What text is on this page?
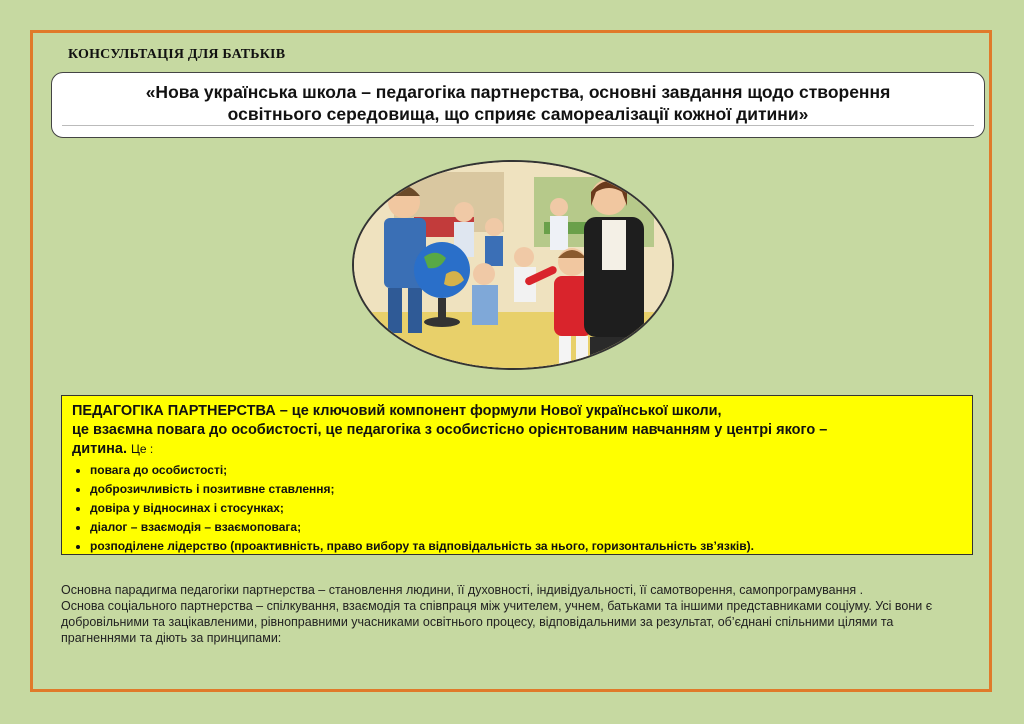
КОНСУЛЬТАЦІЯ ДЛЯ БАТЬКІВ
«Нова українська школа – педагогіка партнерства, основні завдання щодо створення
освітнього середовища, що сприяє самореалізації кожної дитини»
ПЕДАГОГІКА ПАРТНЕРСТВА – це ключовий компонент формули Нової української школи,
це взаємна повага до особистості, це педагогіка з особистісно орієнтованим навчанням у центрі якого –
дитина. Це :
• повага до особистості;
• доброзичливість і позитивне ставлення;
• довіра у відносинах і стосунках;
• діалог – взаємодія – взаємоповага;
• розподілене лідерство (проактивність, право вибору та відповідальність за нього, горизонтальність зв’язків).

Основна парадигма педагогіки партнерства – становлення людини, її духовності, індивідуальності, її самотворення, самопрограмування .

Основа соціального партнерства – спілкування, взаємодія та співпраця між учителем, учнем, батьками та іншими представниками соціуму. Усі вони є добровільними та зацікавленими, рівноправними учасниками освітнього процесу, відповідальними за результат, об’єднані спільними цілями та прагненнями та діють за принципами:
